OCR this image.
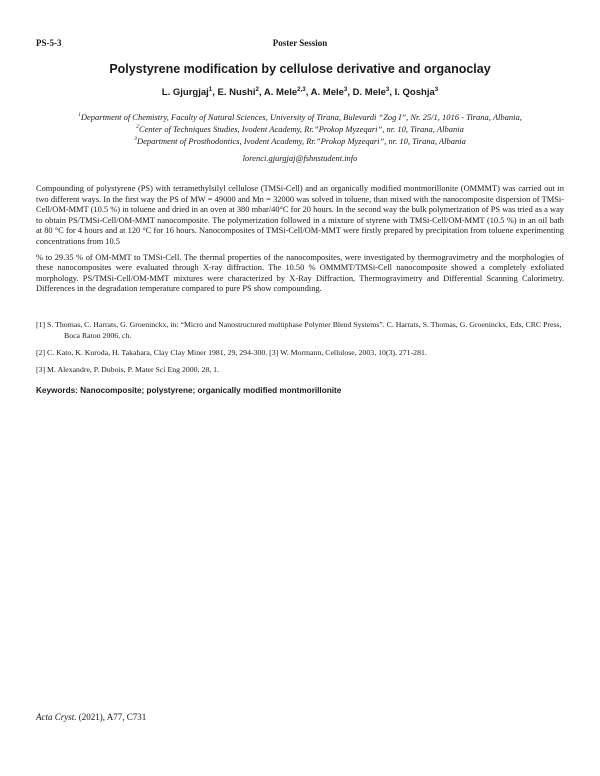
PS-5-3	Poster Session
Polystyrene modification by cellulose derivative and organoclay
L. Gjurgjaj$^1$, E. Nushi$^2$, A. Mele$^{2,3}$, A. Mele$^3$, D. Mele$^3$, I. Qoshja$^3$
$^1$Department of Chemistry, Faculty of Natural Sciences, University of Tirana, Bulevardi “Zog I”, Nr. 25/1, 1016 - Tirana, Albania,
$^2$Center of Techniques Studies, Ivodent Academy, Rr.”Prokop Myzeqari”, nr. 10, Tirana, Albania
$^3$Department of Prosthodontics, Ivodent Academy, Rr.”Prokop Myzeqari”, nr. 10, Tirana, Albania
lorenci.gjurgjaj@fshnstudent.info

Compounding of polystyrene (PS) with tetramethylsilyl cellulose (TMSi-Cell) and an organically modified montmorillonite (OMMMT) was carried out in two different ways. In the first way the PS of MW = 49000 and Mn = 32000 was solved in toluene, than mixed with the nanocomposite dispersion of TMSi-Cell/OM-MMT (10.5 %) in toluene and dried in an oven at 380 mbar/40°C for 20 hours. In the second way the bulk polymerization of PS was tried as a way to obtain PS/TMSi-Cell/OM-MMT nanocomposite. The polymerization followed in a mixture of styrene with TMSi-Cell/OM-MMT (10.5 %) in an oil bath at 80 °C for 4 hours and at 120 °C for 16 hours. Nanocomposites of TMSi-Cell/OM-MMT were firstly prepared by precipitation from toluene experimenting concentrations from 10.5

% to 29.35 % of OM-MMT to TMSi-Cell. The thermal properties of the nanocomposites, were investigated by thermogravimetry and the morphologies of these nanocomposites were evaluated through X-ray diffraction. The 10.50 % OMMMT/TMSi-Cell nanocomposite showed a completely exfoliated morphology. PS/TMSi-Cell/OM-MMT mixtures were characterized by X-Ray Diffraction, Thermogravimetry and Differential Scanning Calorimetry. Differences in the degradation temperature compared to pure PS show compounding.

[1] S. Thomas, C. Harrats, G. Groeninckx, in: “Micro and Nanostructured multiphase Polymer Blend Systems”. C. Harrats, S. Thomas, G. Groeninckx, Eds, CRC Press, Boca Raton 2006, ch.
[2] C. Kato, K. Kuroda, H. Takahara, Clay Clay Miner 1981, 29, 294-300. [3] W. Mormann, Cellulose, 2003, 10(3), 271-281.
[3] M. Alexandre, P. Dubois, P. Mater Sci Eng 2000, 28, 1.
Keywords: Nanocomposite; polystyrene; organically modified montmorillonite
Acta Cryst. (2021), A77, C731
